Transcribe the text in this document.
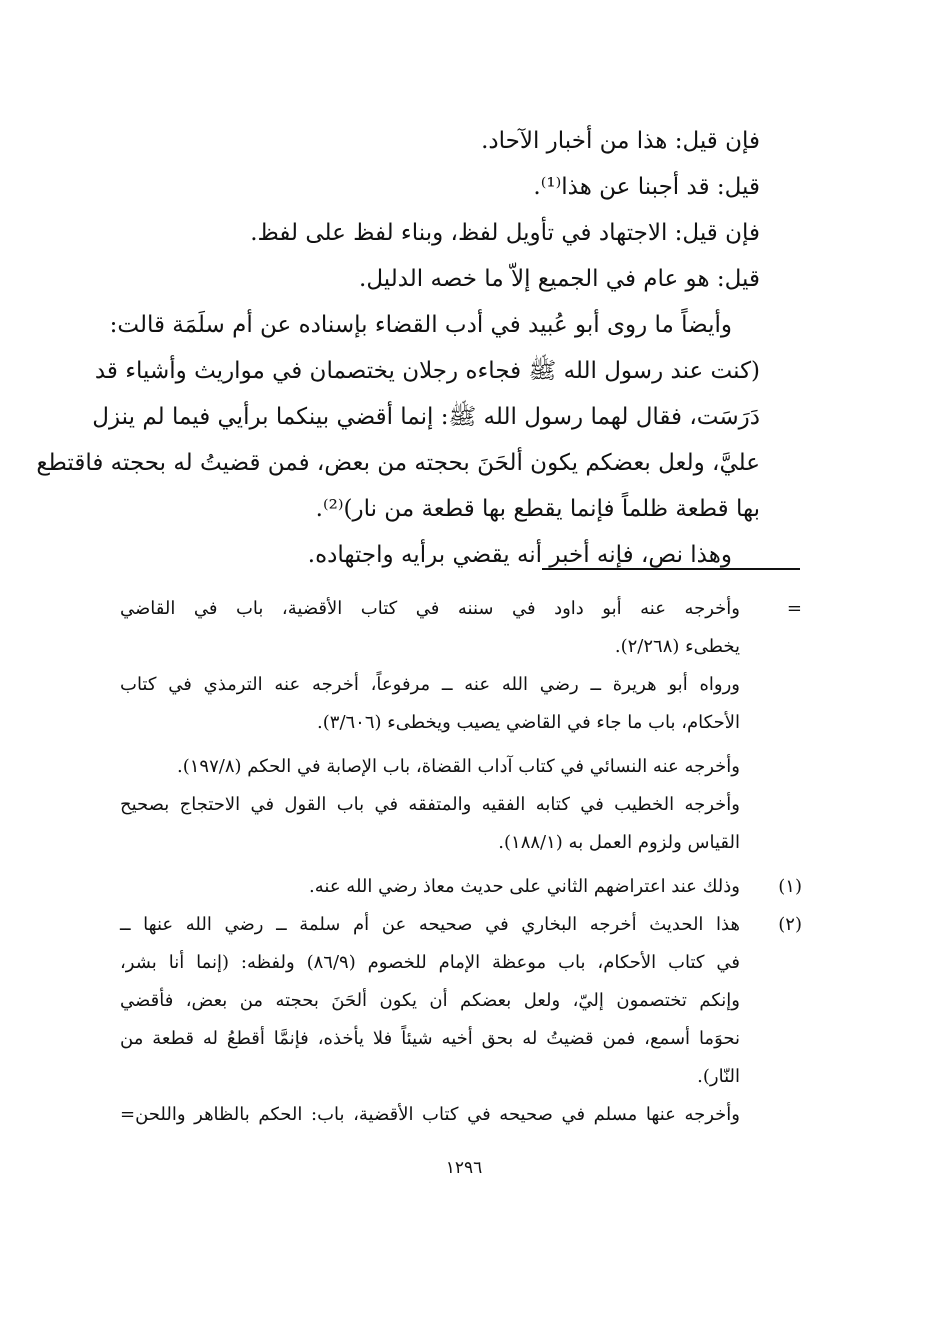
فإن قيل: هذا من أخبار الآحاد.
قيل: قد أجبنا عن هذا⁽¹⁾.
فإن قيل: الاجتهاد في تأويل لفظ، وبناء لفظ على لفظ.
قيل: هو عام في الجميع إلاّ ما خصه الدليل.
وأيضاً ما روى أبو عُبيد في أدب القضاء بإسناده عن أم سلَمَة قالت:
(كنت عند رسول الله ﷺ فجاءه رجلان يختصمان في مواريث وأشياء قد
دَرَسَت، فقال لهما رسول الله ﷺ: إنما أقضي بينكما برأيي فيما لم ينزل
عليَّ، ولعل بعضكم يكون ألحَنَ بحجته من بعض، فمن قضيتُ له بحجته فاقتطع
بها قطعة ظلماً فإنما يقطع بها قطعة من نار)⁽²⁾.
وهذا نص، فإنه أخبر أنه يقضي برأيه واجتهاده.
=
وأخرجه عنه أبو داود في سننه في كتاب الأقضية، باب في القاضي
يخطىء (٢/٢٦٨).
ورواه أبو هريرة ــ رضي الله عنه ــ مرفوعاً، أخرجه عنه الترمذي في كتاب
الأحكام، باب ما جاء في القاضي يصيب ويخطىء (٣/٦٠٦).
وأخرجه عنه النسائي في كتاب آداب القضاة، باب الإصابة في الحكم (١٩٧/٨).
وأخرجه الخطيب في كتابه الفقيه والمتفقه في باب القول في الاحتجاج بصحيح
القياس ولزوم العمل به (١٨٨/١).
(١)
وذلك عند اعتراضهم الثاني على حديث معاذ رضي الله عنه.
(٢)
هذا الحديث أخرجه البخاري في صحيحه عن أم سلمة ــ رضي الله عنها ــ
في كتاب الأحكام، باب موعظة الإمام للخصوم (٨٦/٩) ولفظه: (إنما أنا بشر،
وإنكم تختصمون إليّ، ولعل بعضكم أن يكون ألحَنَ بحجته من بعض، فأقضي
نحوَما أسمع، فمن قضيتُ له بحق أخيه شيئاً فلا يأخذه، فإنمَّا أقطعُ له قطعة من
النّار).
وأخرجه عنها مسلم في صحيحه في كتاب الأقضية، باب: الحكم بالظاهر واللحن=
١٢٩٦
